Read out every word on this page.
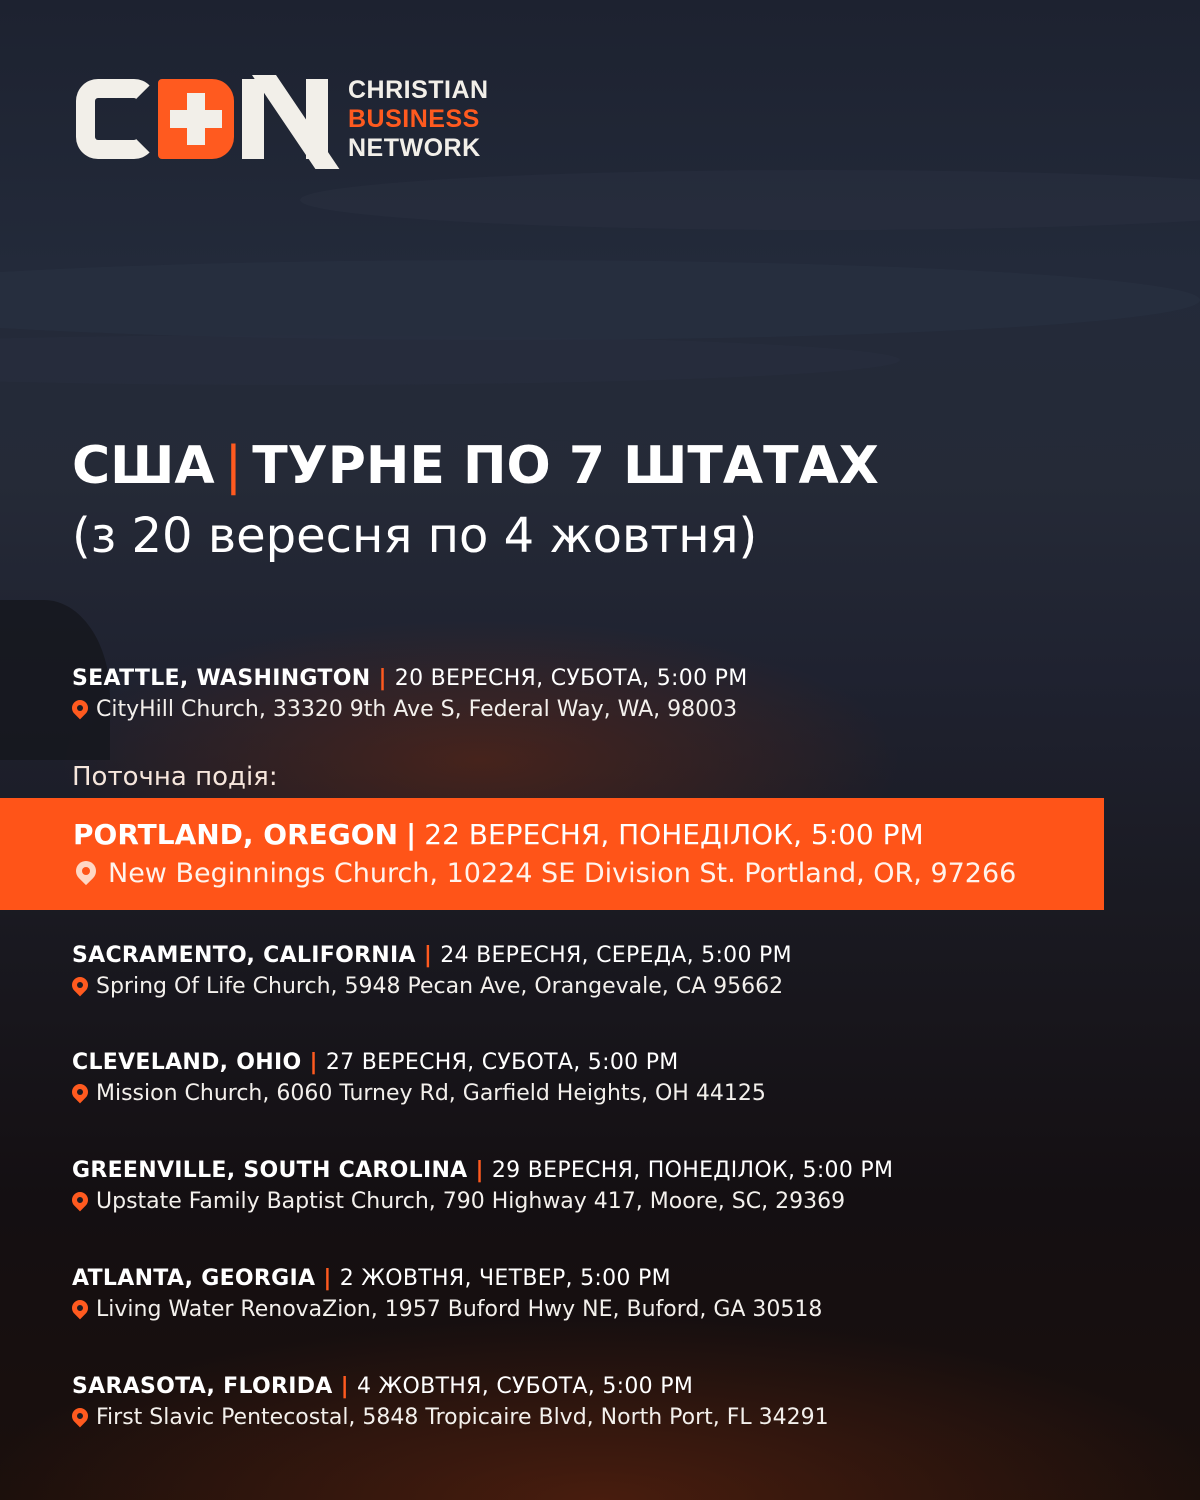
CHRISTIAN
BUSINESS
NETWORK
США | ТУРНЕ ПО 7 ШТАТАХ
(з 20 вересня по 4 жовтня)
SEATTLE, WASHINGTON | 20 ВЕРЕСНЯ, СУБОТА, 5:00 PM
CityHill Church, 33320 9th Ave S, Federal Way, WA, 98003
Поточна подія:
PORTLAND, OREGON | 22 ВЕРЕСНЯ, ПОНЕДІЛОК, 5:00 PM
New Beginnings Church, 10224 SE Division St. Portland, OR, 97266
SACRAMENTO, CALIFORNIA | 24 ВЕРЕСНЯ, СЕРЕДА, 5:00 PM
Spring Of Life Church, 5948 Pecan Ave, Orangevale, CA 95662
CLEVELAND, OHIO | 27 ВЕРЕСНЯ, СУБОТА, 5:00 PM
Mission Church, 6060 Turney Rd, Garfield Heights, OH 44125
GREENVILLE, SOUTH CAROLINA | 29 ВЕРЕСНЯ, ПОНЕДІЛОК, 5:00 PM
Upstate Family Baptist Church, 790 Highway 417, Moore, SC, 29369
ATLANTA, GEORGIA | 2 ЖОВТНЯ, ЧЕТВЕР, 5:00 PM
Living Water RenovaZion, 1957 Buford Hwy NE, Buford, GA 30518
SARASOTA, FLORIDA | 4 ЖОВТНЯ, СУБОТА, 5:00 PM
First Slavic Pentecostal, 5848 Tropicaire Blvd, North Port, FL 34291
